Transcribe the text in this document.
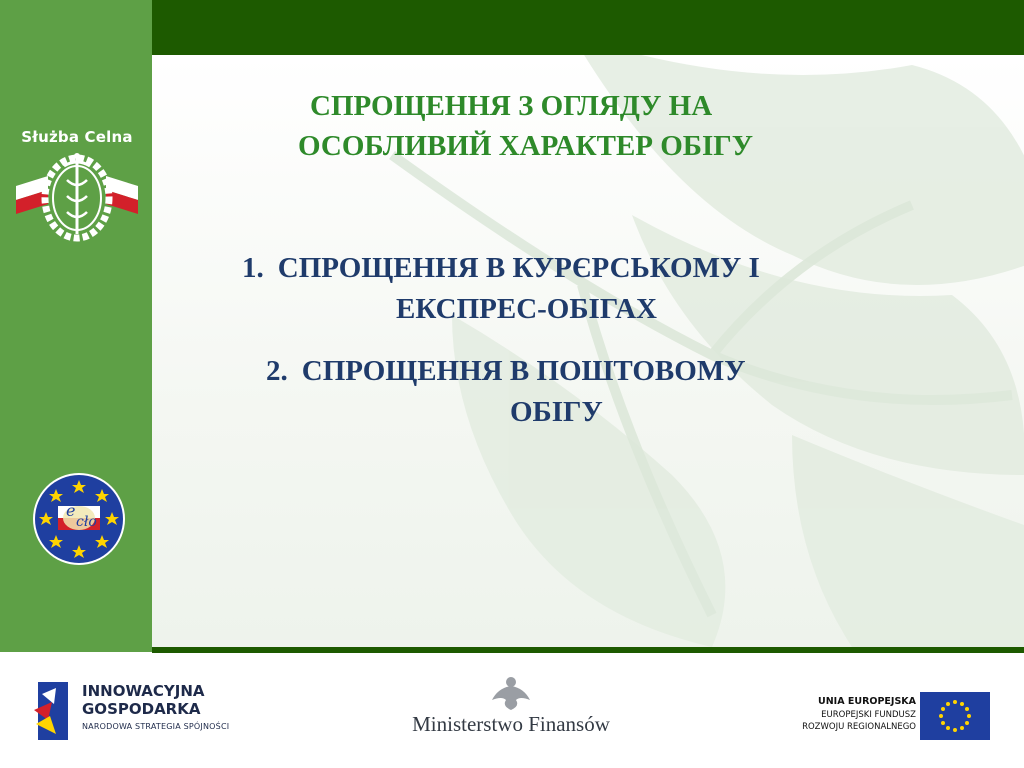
Służba Celna
e
cło
СПРОЩЕННЯ З ОГЛЯДУ НА
ОСОБЛИВИЙ ХАРАКТЕР ОБІГУ
1. СПРОЩЕННЯ В КУРЄРСЬКОМУ І
ЕКСПРЕС-ОБІГАХ
2. СПРОЩЕННЯ В ПОШТОВОМУ
ОБІГУ
INNOWACYJNA
GOSPODARKA
NARODOWA STRATEGIA SPÓJNOŚCI	Ministerstwo Finansów
UNIA EUROPEJSKA
EUROPEJSKI FUNDUSZ
ROZWOJU REGIONALNEGO
